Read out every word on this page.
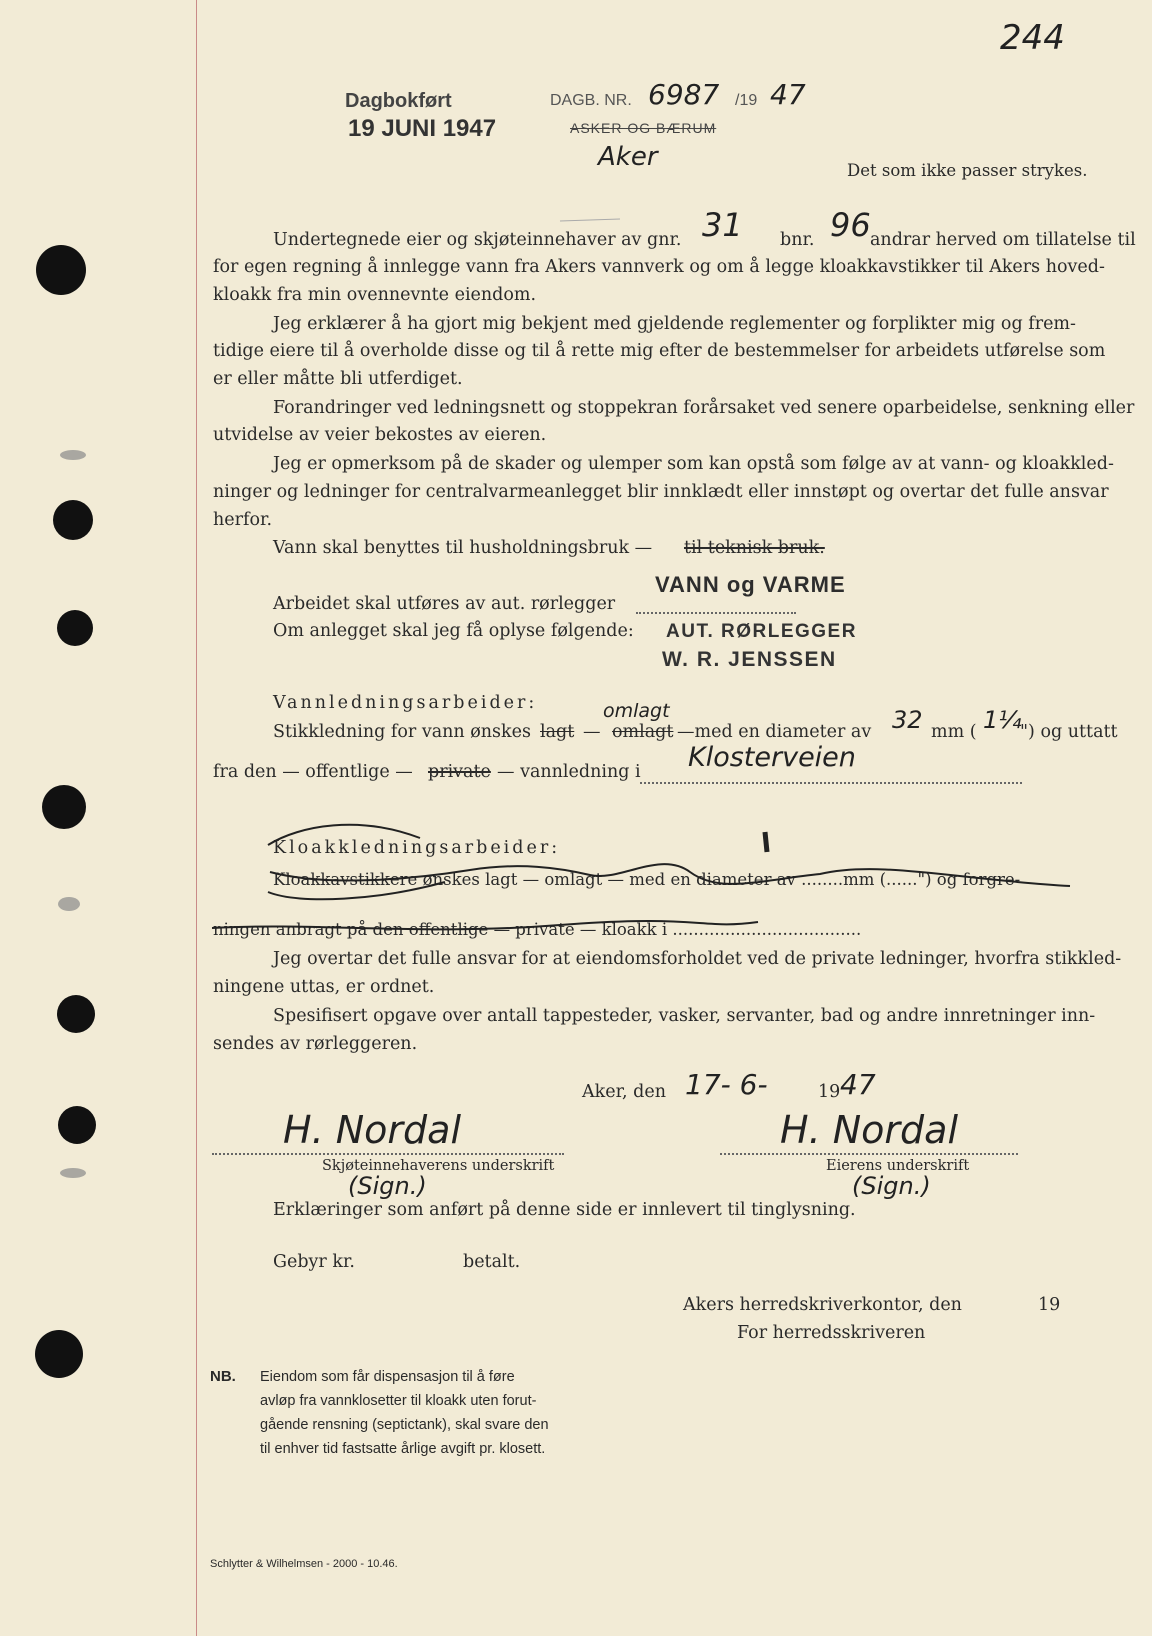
244
Dagbokført
19 JUNI 1947
DAGB. NR. 6987 /19 47
ASKER OG BÆRUM
Aker	Det som ikke passer strykes.
Undertegnede eier og skjøteinnehaver av gnr. 31 bnr. 96 andrar herved om tillatelse til
for egen regning å innlegge vann fra Akers vannverk og om å legge kloakkavstikker til Akers hoved-
kloakk fra min ovennevnte eiendom.
Jeg erklærer å ha gjort mig bekjent med gjeldende reglementer og forplikter mig og frem-
tidige eiere til å overholde disse og til å rette mig efter de bestemmelser for arbeidets utførelse som
er eller måtte bli utferdiget.
Forandringer ved ledningsnett og stoppekran forårsaket ved senere oparbeidelse, senkning eller
utvidelse av veier bekostes av eieren.
Jeg er opmerksom på de skader og ulemper som kan opstå som følge av at vann- og kloakkled-
ninger og ledninger for centralvarmeanlegget blir innklædt eller innstøpt og overtar det fulle ansvar
herfor.
Vann skal benyttes til husholdningsbruk — til teknisk bruk.
Arbeidet skal utføres av aut. rørlegger
VANN og VARME
Om anlegget skal jeg få oplyse følgende: AUT. RØRLEGGER
W. R. JENSSEN
Vannledningsarbeider:
Stikkledning for vann ønskes lagt — omlagt
omlagt
—med en diameter av 32 mm ( 1¼
") og uttatt
fra den — offentlige — private — vannledning i Klosterveien
Kloakkledningsarbeider:
Kloakkavstikkere ønskes lagt — omlagt — med en diameter av ........mm (......") og forgre-
ningen anbragt på den offentlige — private — kloakk i ....................................
Jeg overtar det fulle ansvar for at eiendomsforholdet ved de private ledninger, hvorfra stikkled-
ningene uttas, er ordnet.
Spesifisert opgave over antall tappesteder, vasker, servanter, bad og andre innretninger inn-
sendes av rørleggeren.
Aker, den 17- 6-	19 47
H. Nordal	H. Nordal
Skjøteinnehaverens underskrift	Eierens underskrift
(Sign.)	(Sign.)
Erklæringer som anført på denne side er innlevert til tinglysning.
Gebyr kr.	betalt.
Akers herredskriverkontor, den	19
For herredsskriveren
NB. Eiendom som får dispensasjon til å føre
avløp fra vannklosetter til kloakk uten forut-
gående rensning (septictank), skal svare den
til enhver tid fastsatte årlige avgift pr. klosett.
Schlytter & Wilhelmsen - 2000 - 10.46.
